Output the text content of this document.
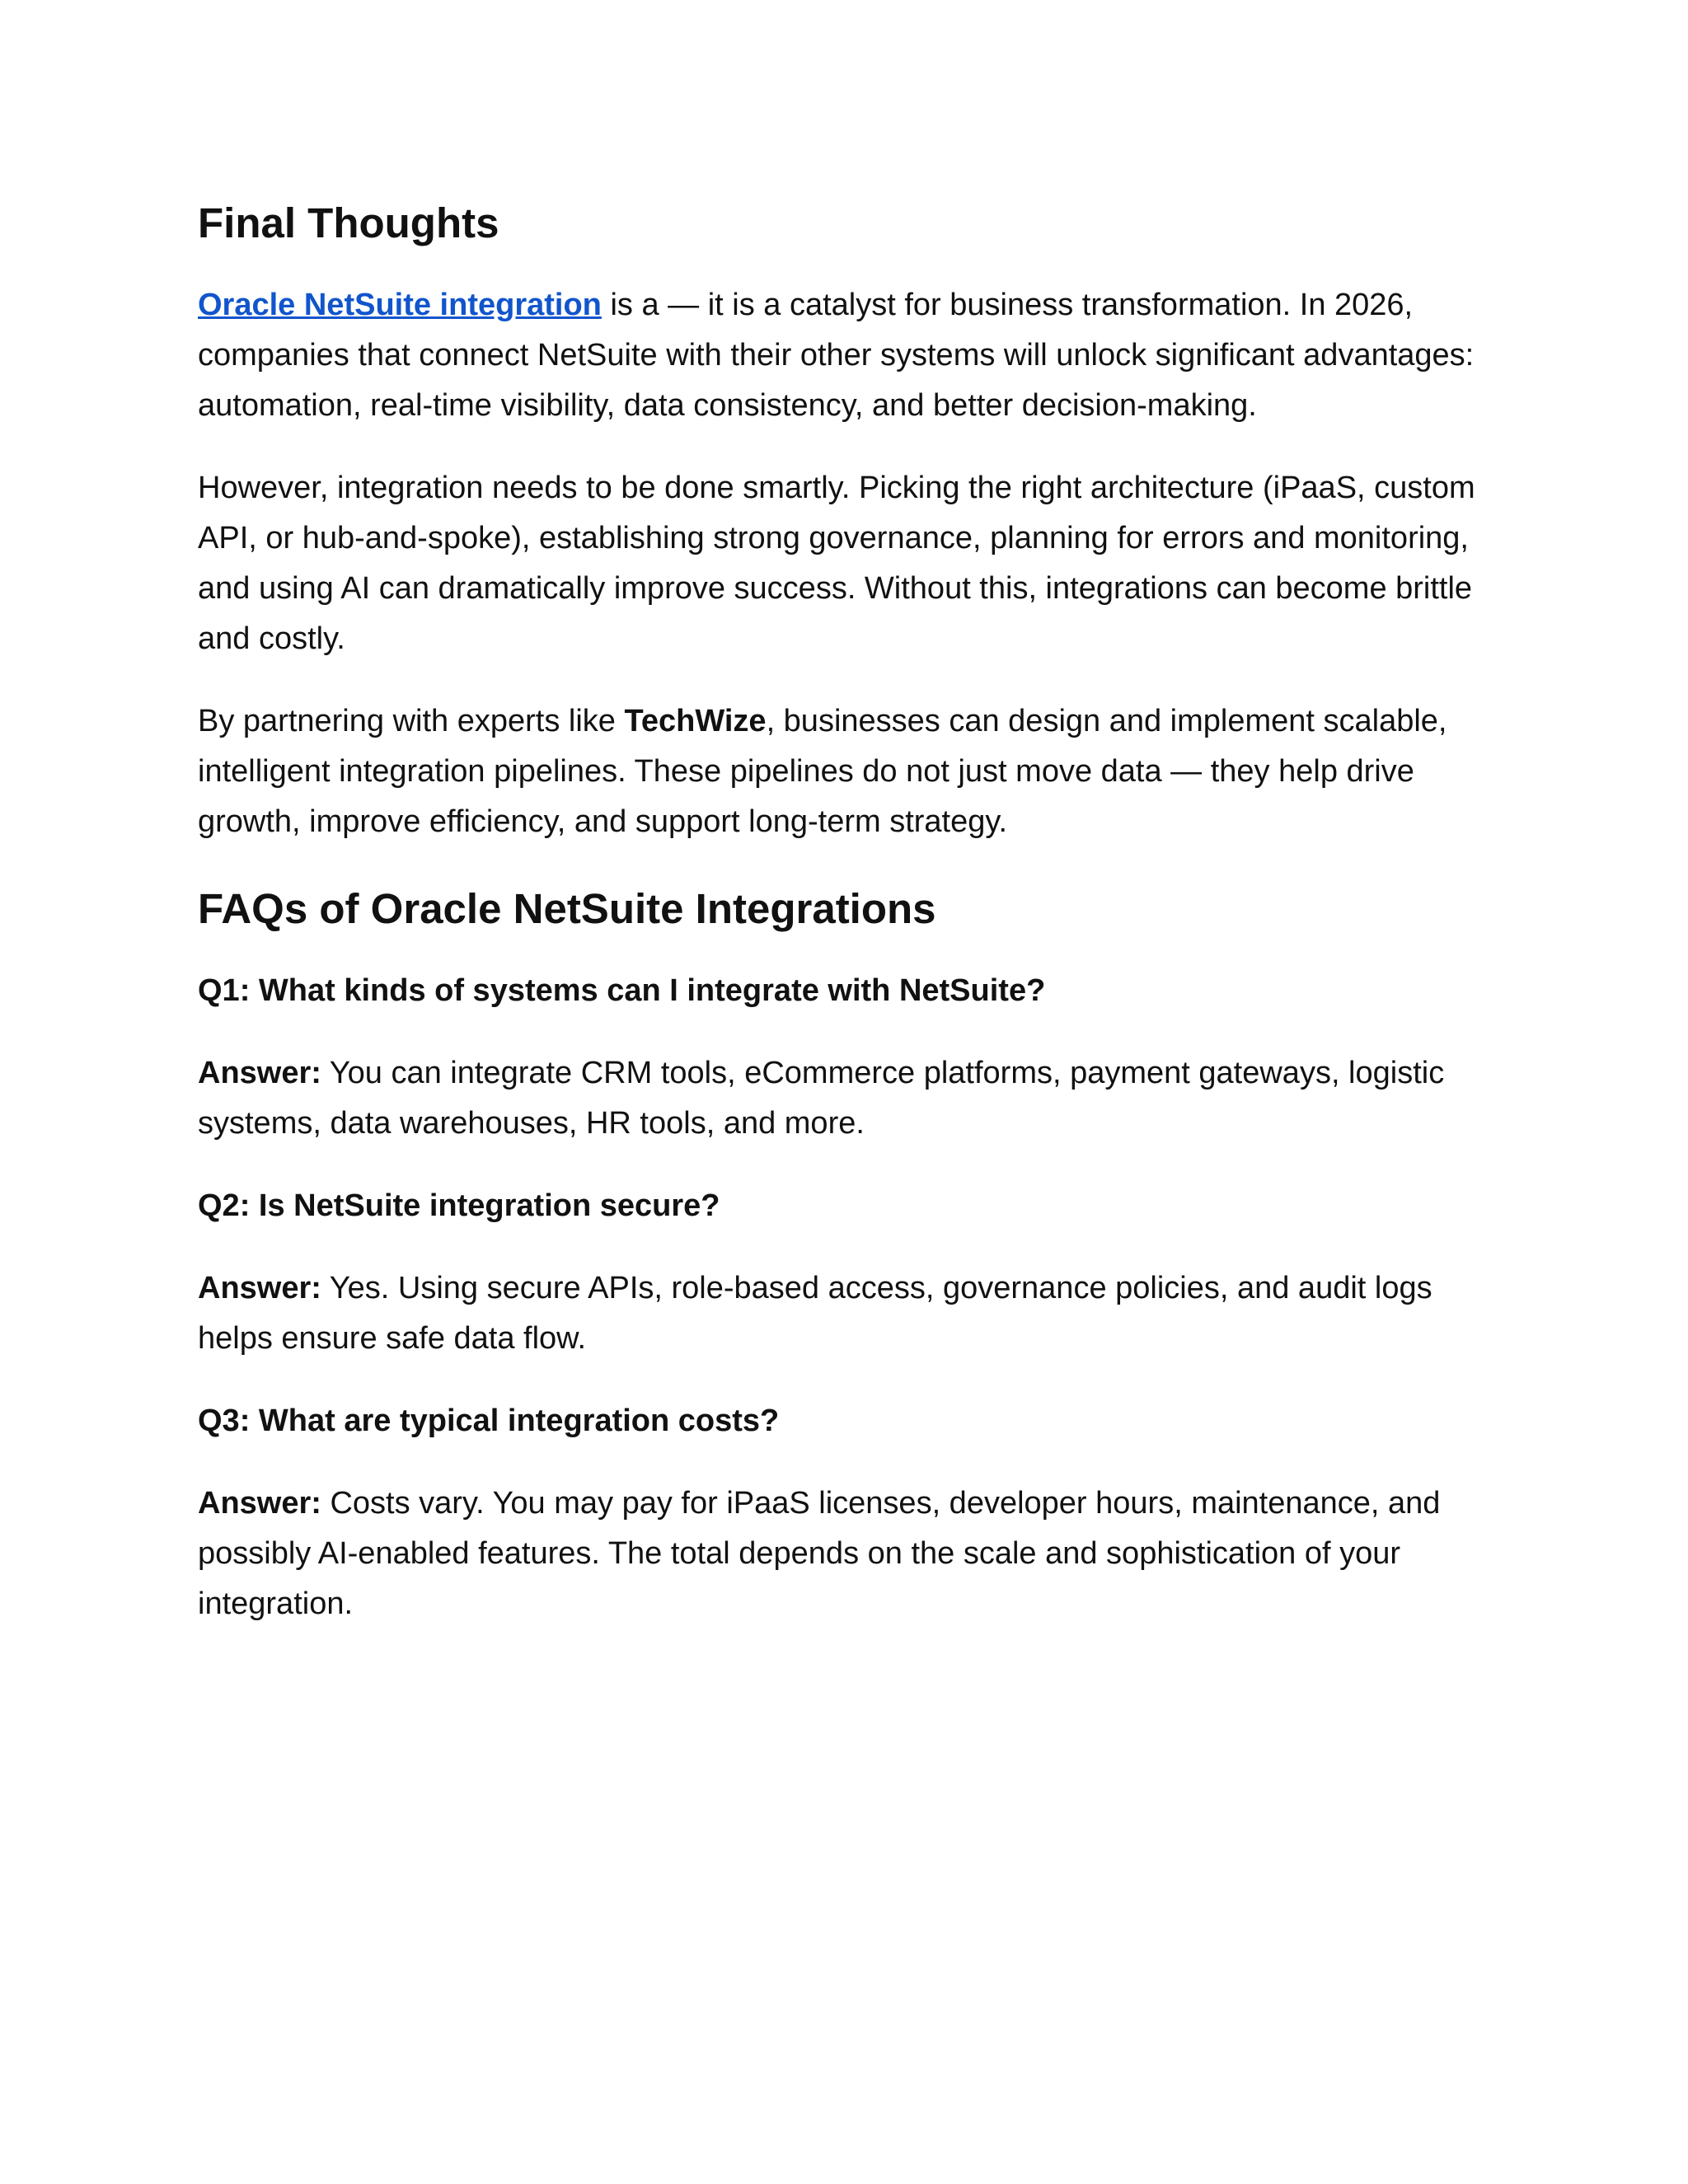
Final Thoughts

Oracle NetSuite integration is a — it is a catalyst for business transformation. In 2026, companies that connect NetSuite with their other systems will unlock significant advantages: automation, real-time visibility, data consistency, and better decision-making.

However, integration needs to be done smartly. Picking the right architecture (iPaaS, custom API, or hub-and-spoke), establishing strong governance, planning for errors and monitoring, and using AI can dramatically improve success. Without this, integrations can become brittle and costly.

By partnering with experts like TechWize, businesses can design and implement scalable, intelligent integration pipelines. These pipelines do not just move data — they help drive growth, improve efficiency, and support long-term strategy.

FAQs of Oracle NetSuite Integrations

Q1: What kinds of systems can I integrate with NetSuite?

Answer: You can integrate CRM tools, eCommerce platforms, payment gateways, logistic systems, data warehouses, HR tools, and more.

Q2: Is NetSuite integration secure?

Answer: Yes. Using secure APIs, role-based access, governance policies, and audit logs helps ensure safe data flow.

Q3: What are typical integration costs?

Answer: Costs vary. You may pay for iPaaS licenses, developer hours, maintenance, and possibly AI-enabled features. The total depends on the scale and sophistication of your integration.
